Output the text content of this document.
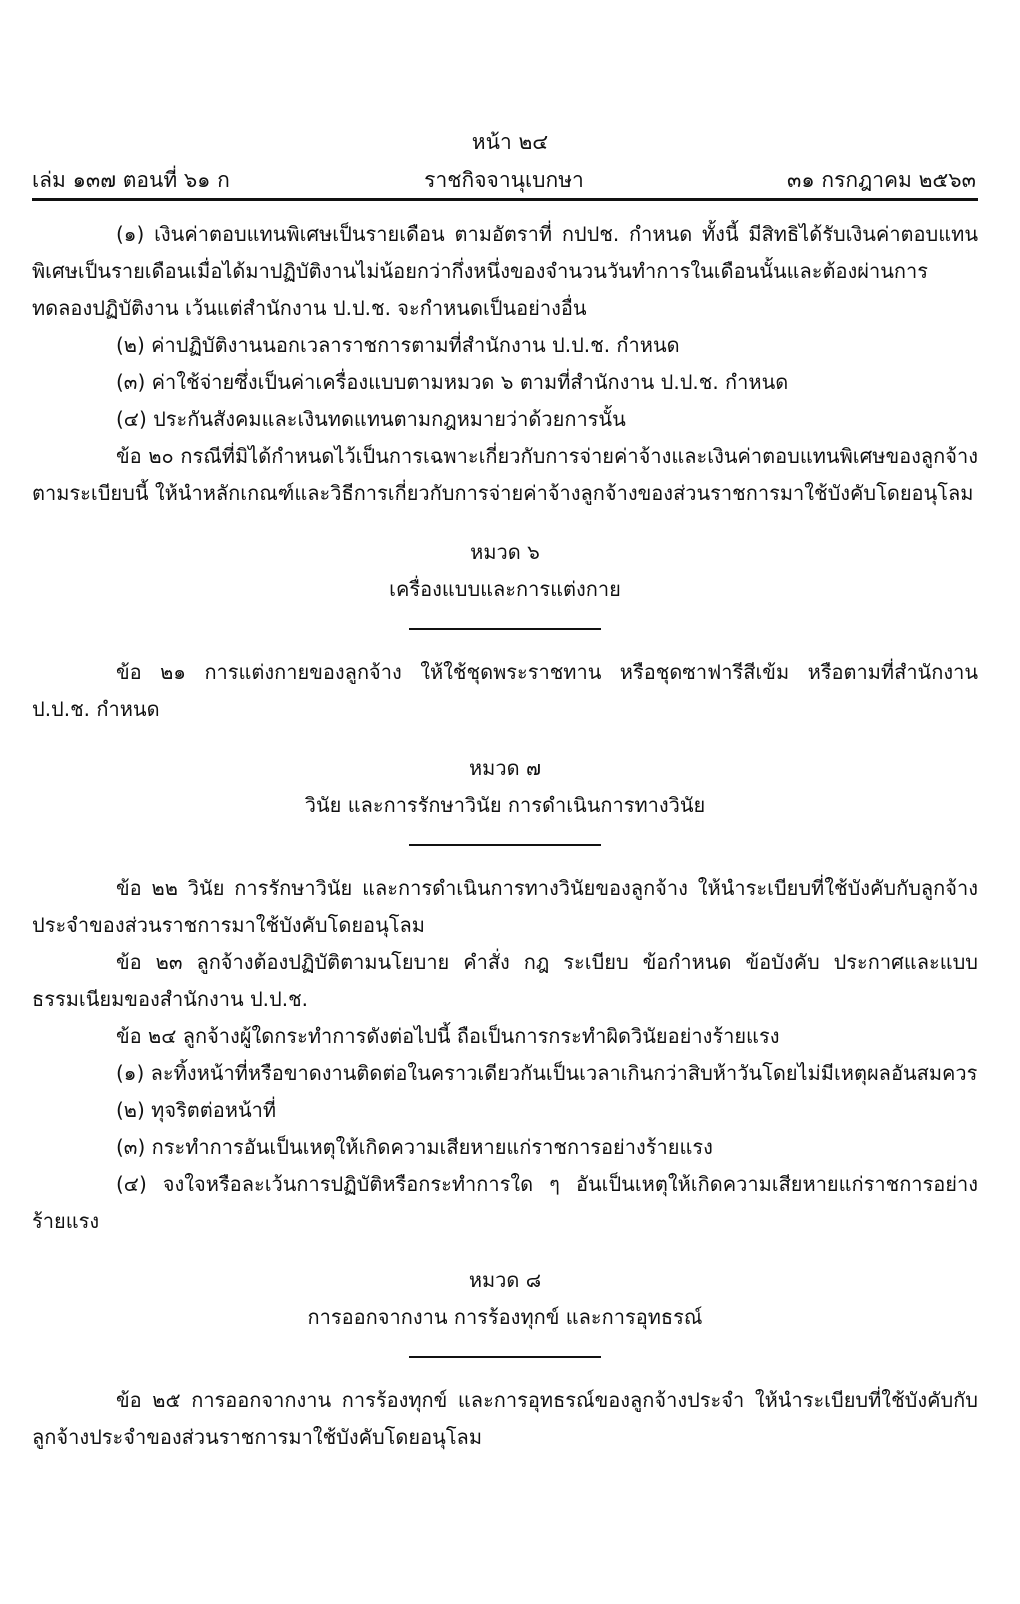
หน้า ๒๔
เล่ม ๑๓๗ ตอนที่ ๖๑ ก	ราชกิจจานุเบกษา	๓๑ กรกฎาคม ๒๕๖๓

(๑) เงินค่าตอบแทนพิเศษเป็นรายเดือน ตามอัตราที่ กปปช. กำหนด ทั้งนี้ มีสิทธิได้รับเงินค่าตอบแทนพิเศษเป็นรายเดือนเมื่อได้มาปฏิบัติงานไม่น้อยกว่ากึ่งหนึ่งของจำนวนวันทำการในเดือนนั้นและต้องผ่านการทดลองปฏิบัติงาน เว้นแต่สำนักงาน ป.ป.ช. จะกำหนดเป็นอย่างอื่น

(๒) ค่าปฏิบัติงานนอกเวลาราชการตามที่สำนักงาน ป.ป.ช. กำหนด

(๓) ค่าใช้จ่ายซึ่งเป็นค่าเครื่องแบบตามหมวด ๖ ตามที่สำนักงาน ป.ป.ช. กำหนด

(๔) ประกันสังคมและเงินทดแทนตามกฎหมายว่าด้วยการนั้น

ข้อ ๒๐ กรณีที่มิได้กำหนดไว้เป็นการเฉพาะเกี่ยวกับการจ่ายค่าจ้างและเงินค่าตอบแทนพิเศษของลูกจ้างตามระเบียบนี้ ให้นำหลักเกณฑ์และวิธีการเกี่ยวกับการจ่ายค่าจ้างลูกจ้างของส่วนราชการมาใช้บังคับโดยอนุโลม

หมวด ๖

เครื่องแบบและการแต่งกาย

ข้อ ๒๑ การแต่งกายของลูกจ้าง ให้ใช้ชุดพระราชทาน หรือชุดซาฟารีสีเข้ม หรือตามที่สำนักงาน ป.ป.ช. กำหนด

หมวด ๗

วินัย และการรักษาวินัย การดำเนินการทางวินัย

ข้อ ๒๒ วินัย การรักษาวินัย และการดำเนินการทางวินัยของลูกจ้าง ให้นำระเบียบที่ใช้บังคับกับลูกจ้างประจำของส่วนราชการมาใช้บังคับโดยอนุโลม

ข้อ ๒๓ ลูกจ้างต้องปฏิบัติตามนโยบาย คำสั่ง กฎ ระเบียบ ข้อกำหนด ข้อบังคับ ประกาศและแบบธรรมเนียมของสำนักงาน ป.ป.ช.

ข้อ ๒๔ ลูกจ้างผู้ใดกระทำการดังต่อไปนี้ ถือเป็นการกระทำผิดวินัยอย่างร้ายแรง

(๑) ละทิ้งหน้าที่หรือขาดงานติดต่อในคราวเดียวกันเป็นเวลาเกินกว่าสิบห้าวันโดยไม่มีเหตุผลอันสมควร

(๒) ทุจริตต่อหน้าที่

(๓) กระทำการอันเป็นเหตุให้เกิดความเสียหายแก่ราชการอย่างร้ายแรง

(๔) จงใจหรือละเว้นการปฏิบัติหรือกระทำการใด ๆ อันเป็นเหตุให้เกิดความเสียหายแก่ราชการอย่างร้ายแรง

หมวด ๘

การออกจากงาน การร้องทุกข์ และการอุทธรณ์

ข้อ ๒๕ การออกจากงาน การร้องทุกข์ และการอุทธรณ์ของลูกจ้างประจำ ให้นำระเบียบที่ใช้บังคับกับลูกจ้างประจำของส่วนราชการมาใช้บังคับโดยอนุโลม
